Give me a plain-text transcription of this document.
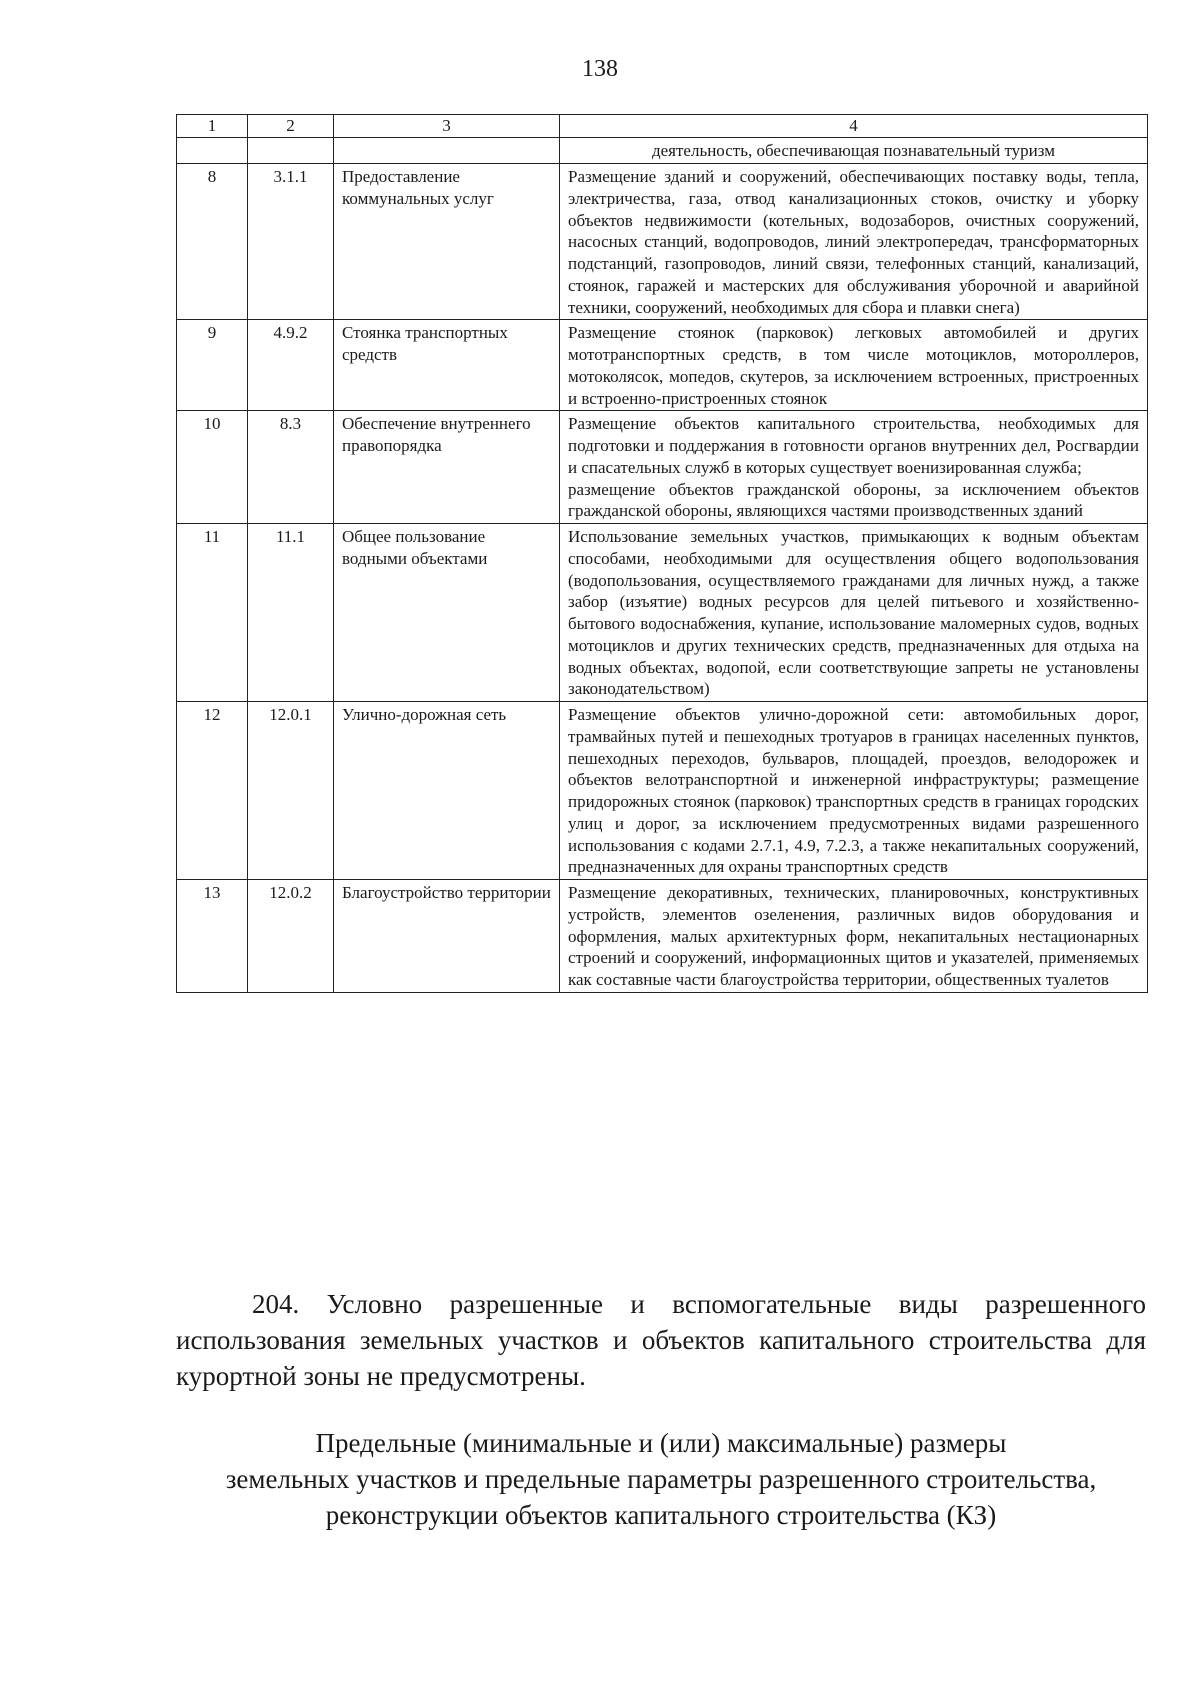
138
1	2	3	4
			деятельность, обеспечивающая познавательный туризм
8	3.1.1	Предоставление коммунальных услуг	Размещение зданий и сооружений, обеспечивающих поставку воды, тепла, электричества, газа, отвод канализационных стоков, очистку и уборку объектов недвижимости (котельных, водозаборов, очистных сооружений, насосных станций, водопроводов, линий электропередач, трансформаторных подстанций, газопроводов, линий связи, телефонных станций, канализаций, стоянок, гаражей и мастерских для обслуживания уборочной и аварийной техники, сооружений, необходимых для сбора и плавки снега)

9	4.9.2	Стоянка транспортных средств	Размещение стоянок (парковок) легковых автомобилей и других мототранспортных средств, в том числе мотоциклов, мотороллеров, мотоколясок, мопедов, скутеров, за исключением встроенных, пристроенных и встроенно-пристроенных стоянок

10	8.3	Обеспечение внутреннего правопорядка	Размещение объектов капитального строительства, необходимых для подготовки и поддержания в готовности органов внутренних дел, Росгвардии и спасательных служб в которых существует военизированная служба;
размещение объектов гражданской обороны, за исключением объектов гражданской обороны, являющихся частями производственных зданий

11	11.1	Общее пользование водными объектами	Использование земельных участков, примыкающих к водным объектам способами, необходимыми для осуществления общего водопользования (водопользования, осуществляемого гражданами для личных нужд, а также забор (изъятие) водных ресурсов для целей питьевого и хозяйственно-бытового водоснабжения, купание, использование маломерных судов, водных мотоциклов и других технических средств, предназначенных для отдыха на водных объектах, водопой, если соответствующие запреты не установлены законодательством)

12	12.0.1	Улично-дорожная сеть	Размещение объектов улично-дорожной сети: автомобильных дорог, трамвайных путей и пешеходных тротуаров в границах населенных пунктов, пешеходных переходов, бульваров, площадей, проездов, велодорожек и объектов велотранспортной и инженерной инфраструктуры; размещение придорожных стоянок (парковок) транспортных средств в границах городских улиц и дорог, за исключением предусмотренных видами разрешенного использования с кодами 2.7.1, 4.9, 7.2.3, а также некапитальных сооружений, предназначенных для охраны транспортных средств

13	12.0.2	Благоустройство территории	Размещение декоративных, технических, планировочных, конструктивных устройств, элементов озеленения, различных видов оборудования и оформления, малых архитектурных форм, некапитальных нестационарных строений и сооружений, информационных щитов и указателей, применяемых как составные части благоустройства территории, общественных туалетов

204. Условно разрешенные и вспомогательные виды разрешенного использования земельных участков и объектов капитального строительства для курортной зоны не предусмотрены.

Предельные (минимальные и (или) максимальные) размеры
земельных участков и предельные параметры разрешенного строительства,
реконструкции объектов капитального строительства (КЗ)
